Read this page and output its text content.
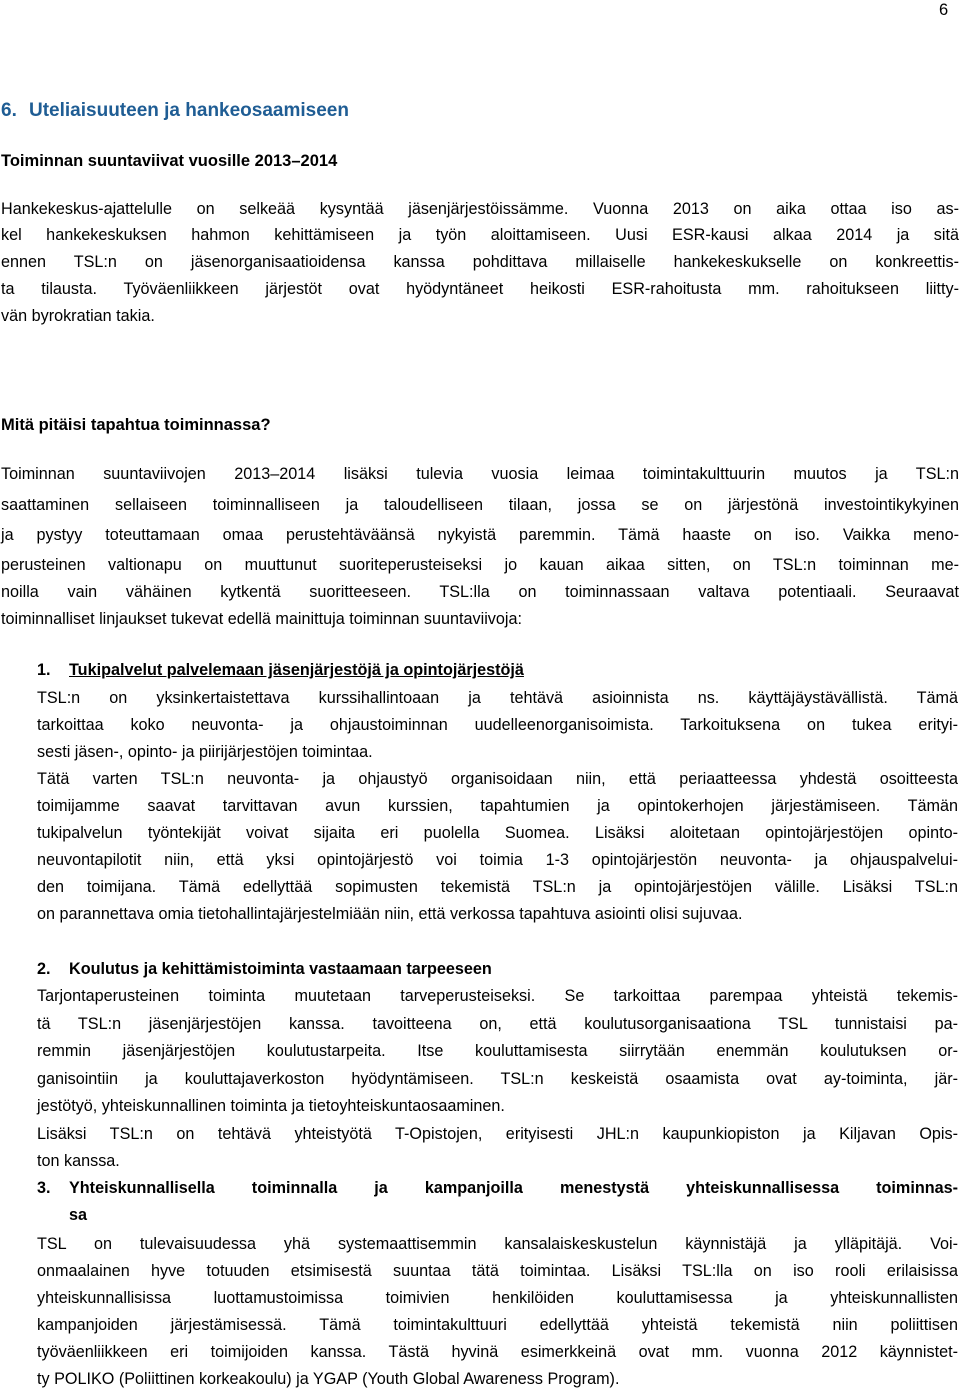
6
6. Uteliaisuuteen ja hankeosaamiseen
Toiminnan suuntaviivat vuosille 2013–2014
Hankekeskus-ajattelulle on selkeää kysyntää jäsenjärjestöissämme. Vuonna 2013 on aika ottaa iso as-
kel hankekeskuksen hahmon kehittämiseen ja työn aloittamiseen. Uusi ESR-kausi alkaa 2014 ja sitä
ennen TSL:n on jäsenorganisaatioidensa kanssa pohdittava millaiselle hankekeskukselle on konkreettis-
ta tilausta. Työväenliikkeen järjestöt ovat hyödyntäneet heikosti ESR-rahoitusta mm. rahoitukseen liitty-
vän byrokratian takia.
Mitä pitäisi tapahtua toiminnassa?
Toiminnan suuntaviivojen 2013–2014 lisäksi tulevia vuosia leimaa toimintakulttuurin muutos ja TSL:n
saattaminen sellaiseen toiminnalliseen ja taloudelliseen tilaan, jossa se on järjestönä investointikykyinen
ja pystyy toteuttamaan omaa perustehtäväänsä nykyistä paremmin. Tämä haaste on iso. Vaikka meno-
perusteinen valtionapu on muuttunut suoriteperusteiseksi jo kauan aikaa sitten, on TSL:n toiminnan me-
noilla vain vähäinen kytkentä suoritteeseen. TSL:lla on toiminnassaan valtava potentiaali. Seuraavat
toiminnalliset linjaukset tukevat edellä mainittuja toiminnan suuntaviivoja:
1. Tukipalvelut palvelemaan jäsenjärjestöjä ja opintojärjestöjä
TSL:n on yksinkertaistettava kurssihallintoaan ja tehtävä asioinnista ns. käyttäjäystävällistä. Tämä
tarkoittaa koko neuvonta- ja ohjaustoiminnan uudelleenorganisoimista. Tarkoituksena on tukea erityi-
sesti jäsen-, opinto- ja piirijärjestöjen toimintaa.
Tätä varten TSL:n neuvonta- ja ohjaustyö organisoidaan niin, että periaatteessa yhdestä osoitteesta
toimijamme saavat tarvittavan avun kurssien, tapahtumien ja opintokerhojen järjestämiseen. Tämän
tukipalvelun työntekijät voivat sijaita eri puolella Suomea. Lisäksi aloitetaan opintojärjestöjen opinto-
neuvontapilotit niin, että yksi opintojärjestö voi toimia 1-3 opintojärjestön neuvonta- ja ohjauspalvelui-
den toimijana. Tämä edellyttää sopimusten tekemistä TSL:n ja opintojärjestöjen välille. Lisäksi TSL:n
on parannettava omia tietohallintajärjestelmiään niin, että verkossa tapahtuva asiointi olisi sujuvaa.
2. Koulutus ja kehittämistoiminta vastaamaan tarpeeseen
Tarjontaperusteinen toiminta muutetaan tarveperusteiseksi. Se tarkoittaa parempaa yhteistä tekemis-
tä TSL:n jäsenjärjestöjen kanssa. tavoitteena on, että koulutusorganisaationa TSL tunnistaisi pa-
remmin jäsenjärjestöjen koulutustarpeita. Itse kouluttamisesta siirrytään enemmän koulutuksen or-
ganisointiin ja kouluttajaverkoston hyödyntämiseen. TSL:n keskeistä osaamista ovat ay-toiminta, jär-
jestötyö, yhteiskunnallinen toiminta ja tietoyhteiskuntaosaaminen.
Lisäksi TSL:n on tehtävä yhteistyötä T-Opistojen, erityisesti JHL:n kaupunkiopiston ja Kiljavan Opis-
ton kanssa.
3. Yhteiskunnallisella toiminnalla ja kampanjoilla menestystä yhteiskunnallisessa toiminnas-
sa
TSL on tulevaisuudessa yhä systemaattisemmin kansalaiskeskustelun käynnistäjä ja ylläpitäjä. Voi-
onmaalainen hyve totuuden etsimisestä suuntaa tätä toimintaa. Lisäksi TSL:lla on iso rooli erilaisissa
yhteiskunnallisissa luottamustoimissa toimivien henkilöiden kouluttamisessa ja yhteiskunnallisten
kampanjoiden järjestämisessä. Tämä toimintakulttuuri edellyttää yhteistä tekemistä niin poliittisen
työväenliikkeen eri toimijoiden kanssa. Tästä hyvinä esimerkkeinä ovat mm. vuonna 2012 käynnistet-
ty POLIKO (Poliittinen korkeakoulu) ja YGAP (Youth Global Awareness Program).
